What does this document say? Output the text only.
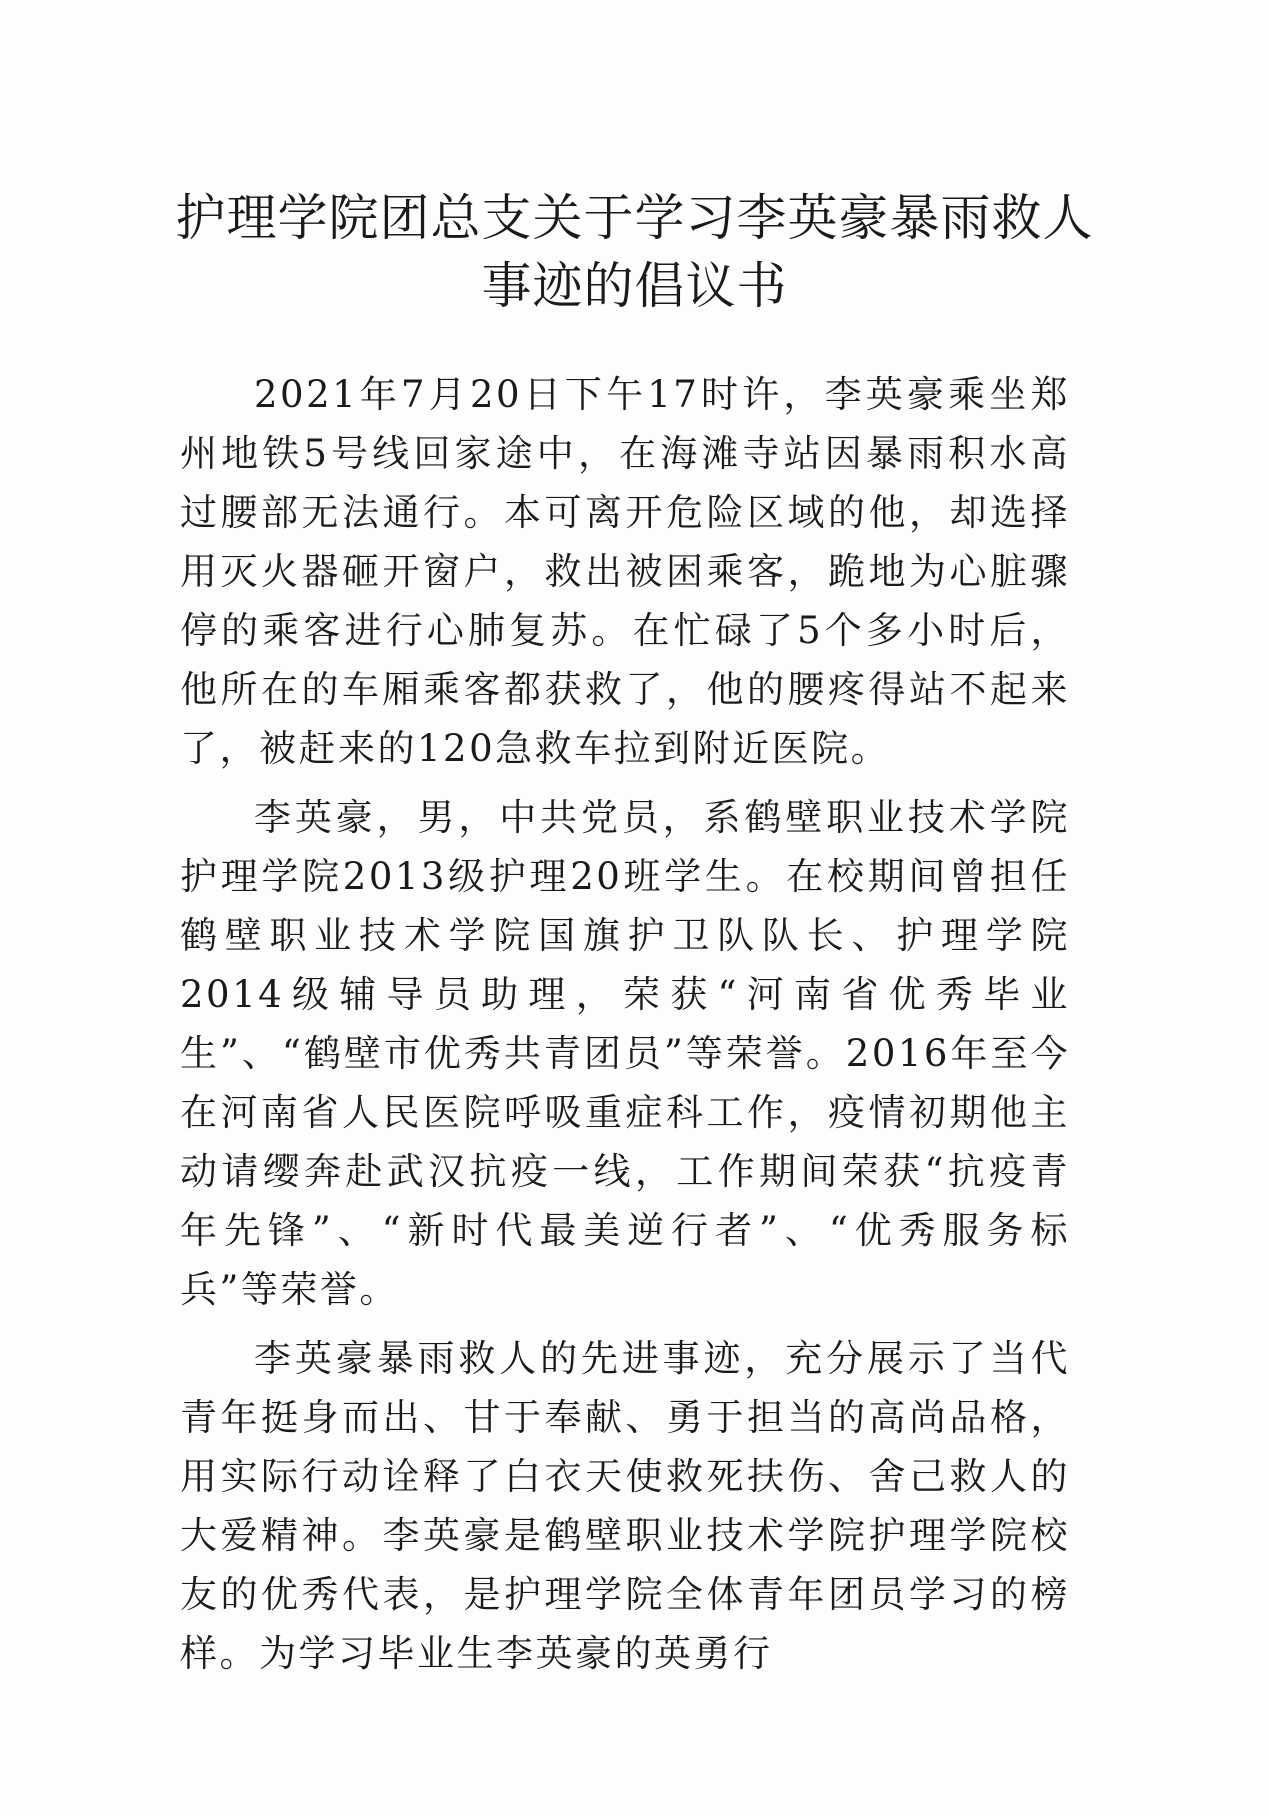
护理学院团总支关于学习李英豪暴雨救人
事迹的倡议书

2021年7月20日下午17时许，李英豪乘坐郑州地铁5号线回家途中，在海滩寺站因暴雨积水高过腰部无法通行。本可离开危险区域的他，却选择用灭火器砸开窗户，救出被困乘客，跪地为心脏骤停的乘客进行心肺复苏。在忙碌了5个多小时后，他所在的车厢乘客都获救了，他的腰疼得站不起来了，被赶来的120急救车拉到附近医院。

李英豪，男，中共党员，系鹤壁职业技术学院护理学院2013级护理20班学生。在校期间曾担任鹤壁职业技术学院国旗护卫队队长、护理学院2014级辅导员助理，荣获“河南省优秀毕业生”、“鹤壁市优秀共青团员”等荣誉。2016年至今在河南省人民医院呼吸重症科工作，疫情初期他主动请缨奔赴武汉抗疫一线，工作期间荣获“抗疫青年先锋”、“新时代最美逆行者”、“优秀服务标兵”等荣誉。

李英豪暴雨救人的先进事迹，充分展示了当代青年挺身而出、甘于奉献、勇于担当的高尚品格，用实际行动诠释了白衣天使救死扶伤、舍己救人的大爱精神。李英豪是鹤壁职业技术学院护理学院校友的优秀代表，是护理学院全体青年团员学习的榜样。为学习毕业生李英豪的英勇行
